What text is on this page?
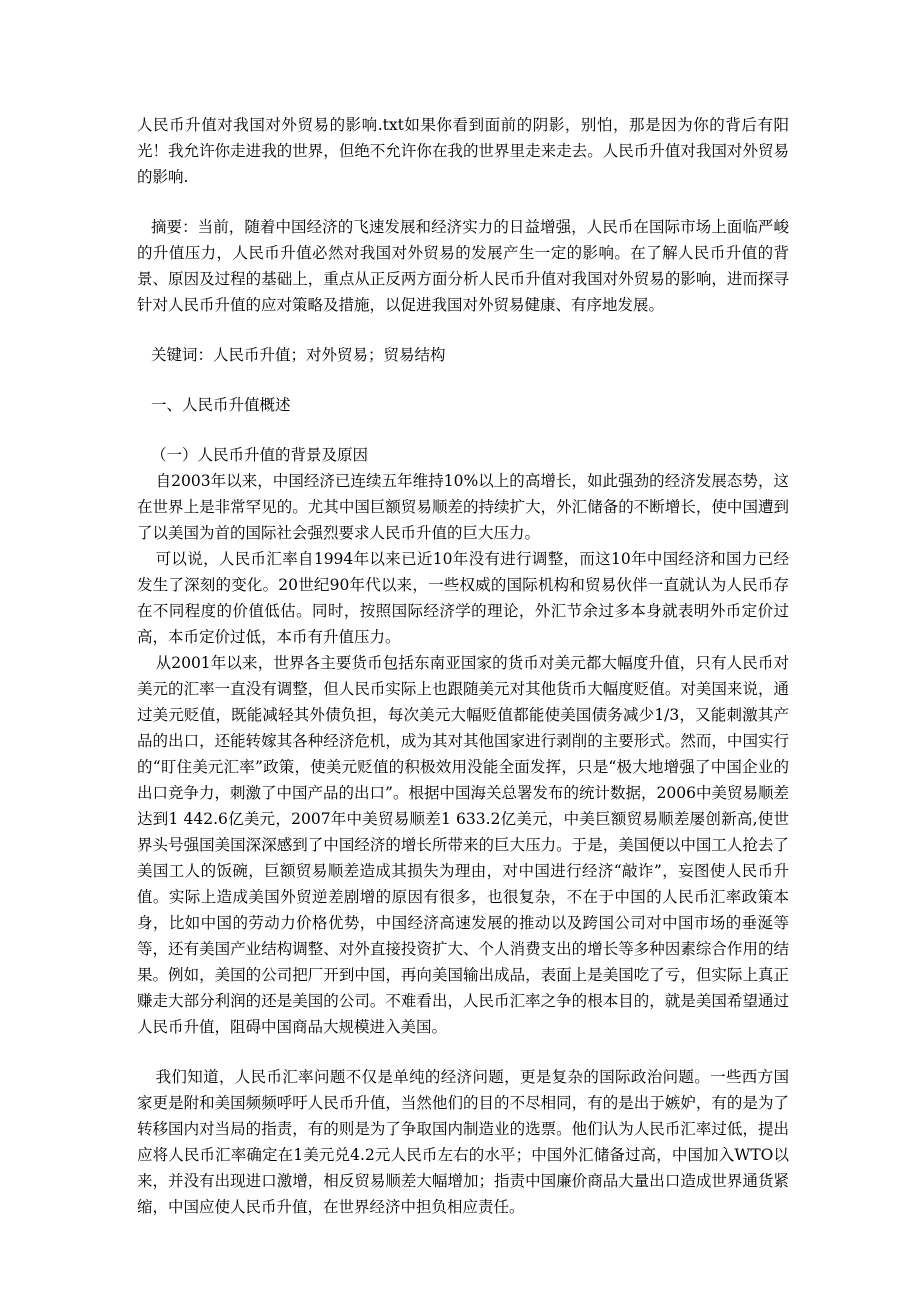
人民币升值对我国对外贸易的影响.txt如果你看到面前的阴影，别怕，那是因为你的背后有阳光！我允许你走进我的世界，但绝不允许你在我的世界里走来走去。人民币升值对我国对外贸易的影响.

摘要：当前，随着中国经济的飞速发展和经济实力的日益增强，人民币在国际市场上面临严峻的升值压力，人民币升值必然对我国对外贸易的发展产生一定的影响。在了解人民币升值的背景、原因及过程的基础上，重点从正反两方面分析人民币升值对我国对外贸易的影响，进而探寻针对人民币升值的应对策略及措施，以促进我国对外贸易健康、有序地发展。

关键词：人民币升值；对外贸易；贸易结构

一、人民币升值概述

（一）人民币升值的背景及原因

自2003年以来，中国经济已连续五年维持10%以上的高增长，如此强劲的经济发展态势，这在世界上是非常罕见的。尤其中国巨额贸易顺差的持续扩大，外汇储备的不断增长，使中国遭到了以美国为首的国际社会强烈要求人民币升值的巨大压力。

可以说，人民币汇率自1994年以来已近10年没有进行调整，而这10年中国经济和国力已经发生了深刻的变化。20世纪90年代以来，一些权威的国际机构和贸易伙伴一直就认为人民币存在不同程度的价值低估。同时，按照国际经济学的理论，外汇节余过多本身就表明外币定价过高，本币定价过低，本币有升值压力。

从2001年以来，世界各主要货币包括东南亚国家的货币对美元都大幅度升值，只有人民币对美元的汇率一直没有调整，但人民币实际上也跟随美元对其他货币大幅度贬值。对美国来说，通过美元贬值，既能减轻其外债负担，每次美元大幅贬值都能使美国债务减少1/3，又能刺激其产品的出口，还能转嫁其各种经济危机，成为其对其他国家进行剥削的主要形式。然而，中国实行的“盯住美元汇率”政策，使美元贬值的积极效用没能全面发挥，只是“极大地增强了中国企业的出口竞争力，刺激了中国产品的出口”。根据中国海关总署发布的统计数据，2006中美贸易顺差达到1 442.6亿美元，2007年中美贸易顺差1 633.2亿美元，中美巨额贸易顺差屡创新高,使世界头号强国美国深深感到了中国经济的增长所带来的巨大压力。于是，美国便以中国工人抢去了美国工人的饭碗，巨额贸易顺差造成其损失为理由，对中国进行经济“敲诈”，妄图使人民币升值。实际上造成美国外贸逆差剧增的原因有很多，也很复杂，不在于中国的人民币汇率政策本身，比如中国的劳动力价格优势，中国经济高速发展的推动以及跨国公司对中国市场的垂涎等等，还有美国产业结构调整、对外直接投资扩大、个人消费支出的增长等多种因素综合作用的结果。例如，美国的公司把厂开到中国，再向美国输出成品，表面上是美国吃了亏，但实际上真正赚走大部分利润的还是美国的公司。不难看出，人民币汇率之争的根本目的，就是美国希望通过人民币升值，阻碍中国商品大规模进入美国。

我们知道，人民币汇率问题不仅是单纯的经济问题，更是复杂的国际政治问题。一些西方国家更是附和美国频频呼吁人民币升值，当然他们的目的不尽相同，有的是出于嫉妒，有的是为了转移国内对当局的指责，有的则是为了争取国内制造业的选票。他们认为人民币汇率过低，提出应将人民币汇率确定在1美元兑4.2元人民币左右的水平；中国外汇储备过高，中国加入WTO以来，并没有出现进口激增，相反贸易顺差大幅增加；指责中国廉价商品大量出口造成世界通货紧缩，中国应使人民币升值，在世界经济中担负相应责任。
